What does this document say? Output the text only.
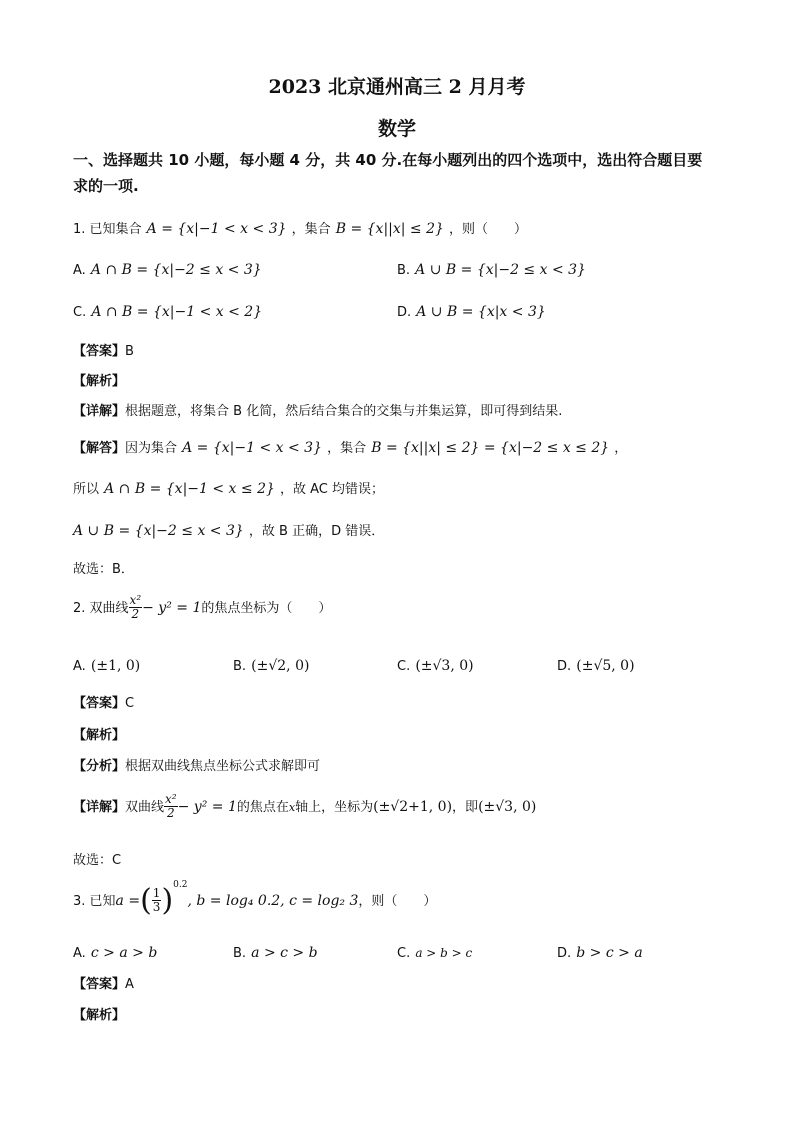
2023 北京通州高三 2 月月考
数学
一、选择题共 10 小题，每小题 4 分，共 40 分.在每小题列出的四个选项中，选出符合题目要
求的一项.
1. 已知集合 A = {x|−1 < x < 3} ，集合 B = {x||x| ≤ 2} ，则（　　）
A. A ∩ B = {x|−2 ≤ x < 3}	B. A ∪ B = {x|−2 ≤ x < 3}
C. A ∩ B = {x|−1 < x < 2}	D. A ∪ B = {x|x < 3}
【答案】B
【解析】
【详解】根据题意，将集合 B 化简，然后结合集合的交集与并集运算，即可得到结果.
【解答】因为集合 A = {x|−1 < x < 3} ，集合 B = {x||x| ≤ 2} = {x|−2 ≤ x ≤ 2} ，
所以 A ∩ B = {x|−1 < x ≤ 2} ，故 AC 均错误；
A ∪ B = {x|−2 ≤ x < 3} ，故 B 正确，D 错误．
故选：B．
2. 双曲线 $\frac{\text{x²}}{2} - y^2 = 1$的焦点坐标为（　　）
A. (±1, 0)	B. (±√2, 0)	C. (±√3, 0)	D. (±√5, 0)
【答案】C
【解析】
【分析】根据双曲线焦点坐标公式求解即可
【详解】双曲线 $\frac{\text{x²}}{2} - y^2 = 1$的焦点在x轴上，坐标为(±√2+1, 0)，即(±√3, 0)
故选：C
3. 已知a =( $\frac{1}{3} )^{0.2}$, b = log₄ 0.2, c = log₂ 3，则（　　）
A. c > a > b	B. a > c > b	C. a > b > c	D. b > c > a
【答案】A
【解析】
